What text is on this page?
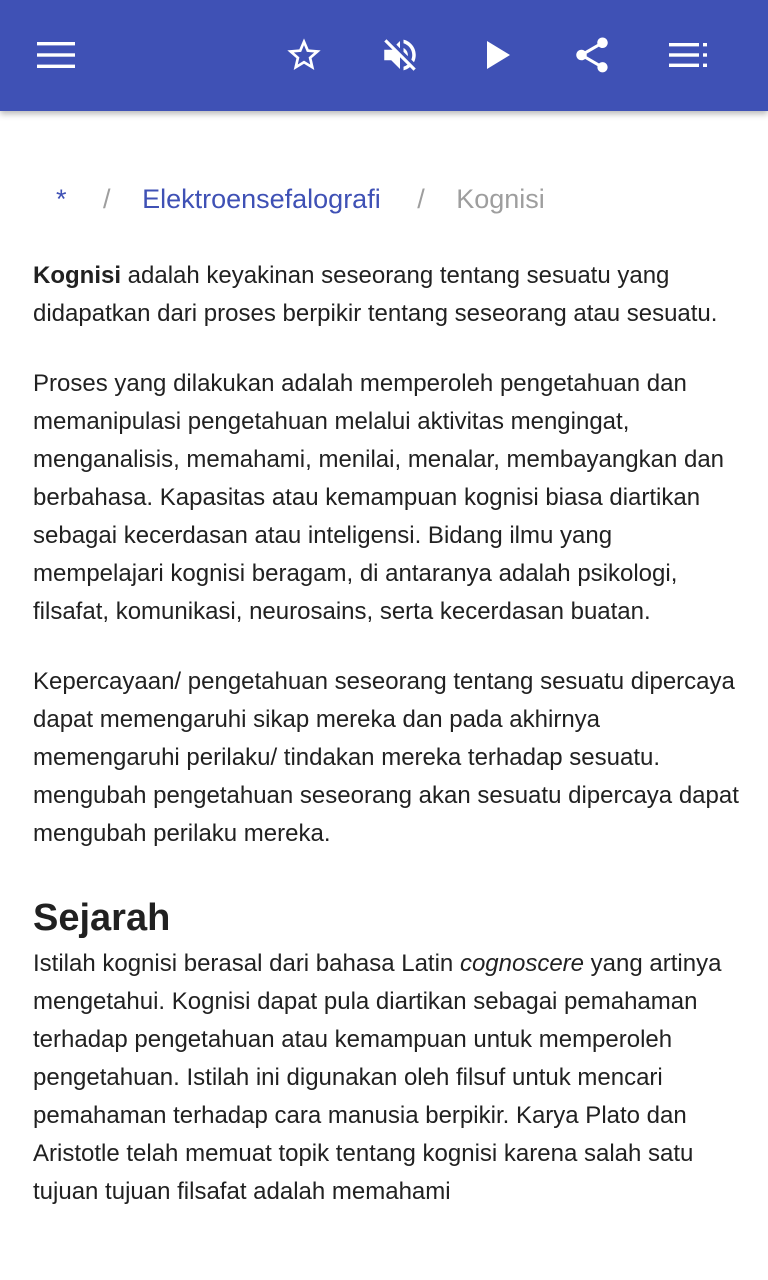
* / Elektroensefalografi / Kognisi

Kognisi adalah keyakinan seseorang tentang sesuatu yang didapatkan dari proses berpikir tentang seseorang atau sesuatu.

Proses yang dilakukan adalah memperoleh pengetahuan dan memanipulasi pengetahuan melalui aktivitas mengingat, menganalisis, memahami, menilai, menalar, membayangkan dan berbahasa. Kapasitas atau kemampuan kognisi biasa diartikan sebagai kecerdasan atau inteligensi. Bidang ilmu yang mempelajari kognisi beragam, di antaranya adalah psikologi, filsafat, komunikasi, neurosains, serta kecerdasan buatan.

Kepercayaan/ pengetahuan seseorang tentang sesuatu dipercaya dapat memengaruhi sikap mereka dan pada akhirnya memengaruhi perilaku/ tindakan mereka terhadap sesuatu. mengubah pengetahuan seseorang akan sesuatu dipercaya dapat mengubah perilaku mereka.

Sejarah

Istilah kognisi berasal dari bahasa Latin cognoscere yang artinya mengetahui. Kognisi dapat pula diartikan sebagai pemahaman terhadap pengetahuan atau kemampuan untuk memperoleh pengetahuan. Istilah ini digunakan oleh filsuf untuk mencari pemahaman terhadap cara manusia berpikir. Karya Plato dan Aristotle telah memuat topik tentang kognisi karena salah satu tujuan tujuan filsafat adalah memahami
